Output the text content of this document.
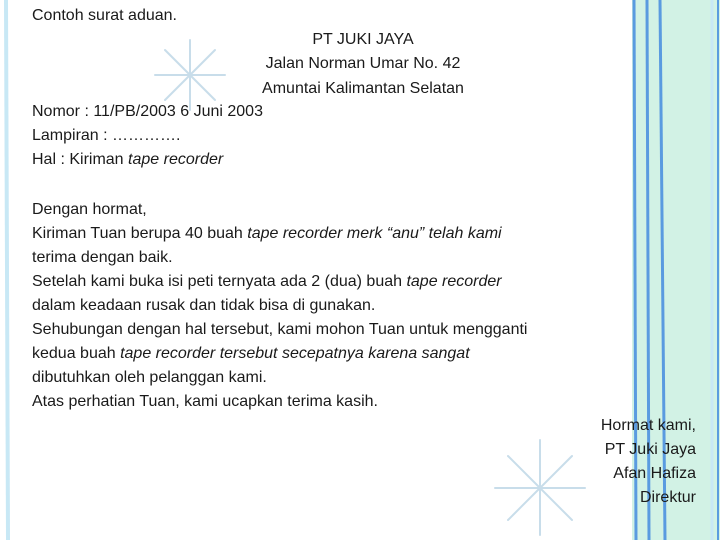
Contoh surat aduan.
PT JUKI JAYA
Jalan Norman Umar No. 42
Amuntai Kalimantan Selatan
Nomor : 11/PB/2003 6 Juni 2003
Lampiran : ………….
Hal : Kiriman tape recorder
Dengan hormat,
Kiriman Tuan berupa 40 buah tape recorder merk “anu” telah kami
terima dengan baik.
Setelah kami buka isi peti ternyata ada 2 (dua) buah tape recorder
dalam keadaan rusak dan tidak bisa di gunakan.
Sehubungan dengan hal tersebut, kami mohon Tuan untuk mengganti
kedua buah tape recorder tersebut secepatnya karena sangat
dibutuhkan oleh pelanggan kami.
Atas perhatian Tuan, kami ucapkan terima kasih.
Hormat kami,
PT Juki Jaya
Afan Hafiza
Direktur
